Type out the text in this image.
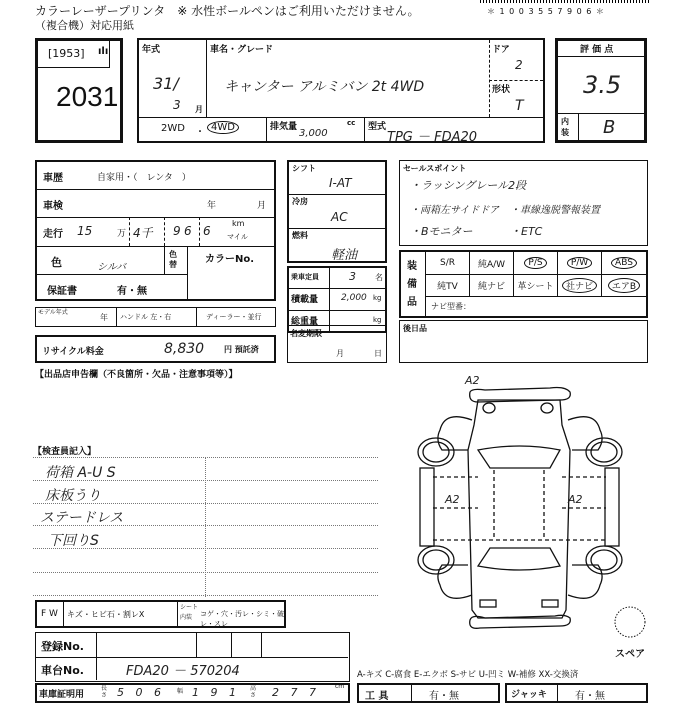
カラーレーザープリンタ　※ 水性ボールペンはご利用いただけません。
（複合機）対応用紙
＊ 1 0 0 3 5 5 7 9 0 6 ＊
[1953] ılı
2031
年式
31/
3 月
車名・グレード
キャンター アルミバン 2t 4WD
ドア
2
形状
T
2WD ・ 4WD	排気量	cc
3,000
型式
TPG － FDA20
評 価 点
3.5
内装 B
車歴	自家用・（　レンタ　）
車検	年	月
走行 15	万 4千 9 6 6
km
マイル
色	シルバ
色替	カラーNo.
保証書	有・無
モデル年式
年 ハンドル 左・右	ディーラー・並行
リサイクル料金	8,830 円 預託済
【出品店申告欄（不良箇所・欠品・注意事項等）】
シフト
I-AT
冷房
AC
燃料
軽油
乗車定員	3 名
積載量	2,000 kg
総重量	kg
名変期限
月	日
セールスポイント
・ラッシングレール2段
・両箱左サイドドア ・車線逸脱警報装置
・Bモニター	・ETC
装備品
S/R	純A/W	P/S	P/W	ABS
純TV	純ナビ	革シート	社ナビ	エアB
ナビ型番：
後日品
【検査員記入】
荷箱 A-U S
床板うり
ステードレス
下回りS
A2
A2	A2
スペア
F W キズ・ヒビ石・割レX
シート内装	コゲ・穴・汚レ・シミ・破レ・スレ
登録No.
車台No.	FDA20 － 570204	A-キズ C-腐食 E-エクボ S-サビ U-凹ミ W-補修 XX-交換済
車庫証明用
長さ 5 0 6 幅 1 9 1 高さ 2 7 7	cm
工 具	有・無	ジャッキ	有・無
